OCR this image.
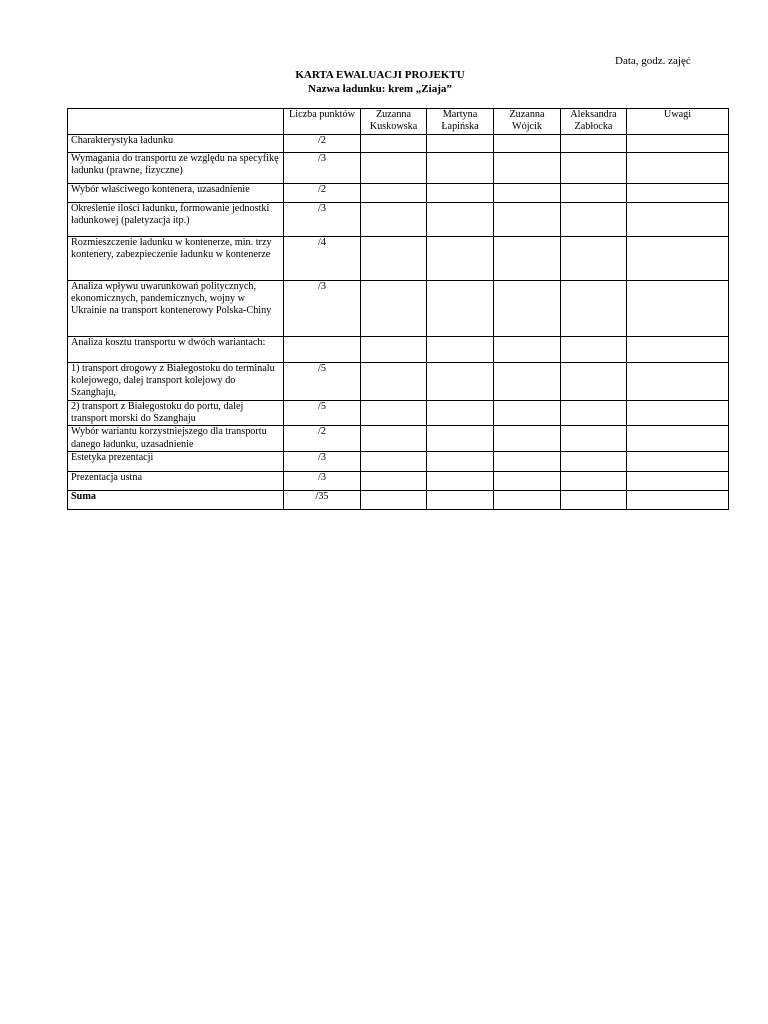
Data, godz. zajęć
KARTA EWALUACJI PROJEKTU
Nazwa ładunku: krem „Ziaja”
	Liczba punktów	Zuzanna Kuskowska	Martyna Łapińska	Zuzanna Wójcik	Aleksandra Zabłocka	Uwagi
Charakterystyka ładunku	/2					
Wymagania do transportu ze względu na specyfikę ładunku (prawne, fizyczne)	/3					
Wybór właściwego kontenera, uzasadnienie	/2					
Określenie ilości ładunku, formowanie jednostki ładunkowej (paletyzacja itp.)	/3					
Rozmieszczenie ładunku w kontenerze, min. trzy kontenery, zabezpieczenie ładunku w kontenerze	/4					
Analiza wpływu uwarunkowań politycznych, ekonomicznych, pandemicznych, wojny w Ukrainie na transport kontenerowy Polska-Chiny	/3					
Analiza kosztu transportu w dwóch wariantach:						
1) transport drogowy z Białegostoku do terminalu kolejowego, dalej transport kolejowy do Szanghaju,	/5					
2) transport z Białegostoku do portu, dalej transport morski do Szanghaju	/5					
Wybór wariantu korzystniejszego dla transportu danego ładunku, uzasadnienie	/2					
Estetyka prezentacji	/3					
Prezentacja ustna	/3					
Suma	/35					
